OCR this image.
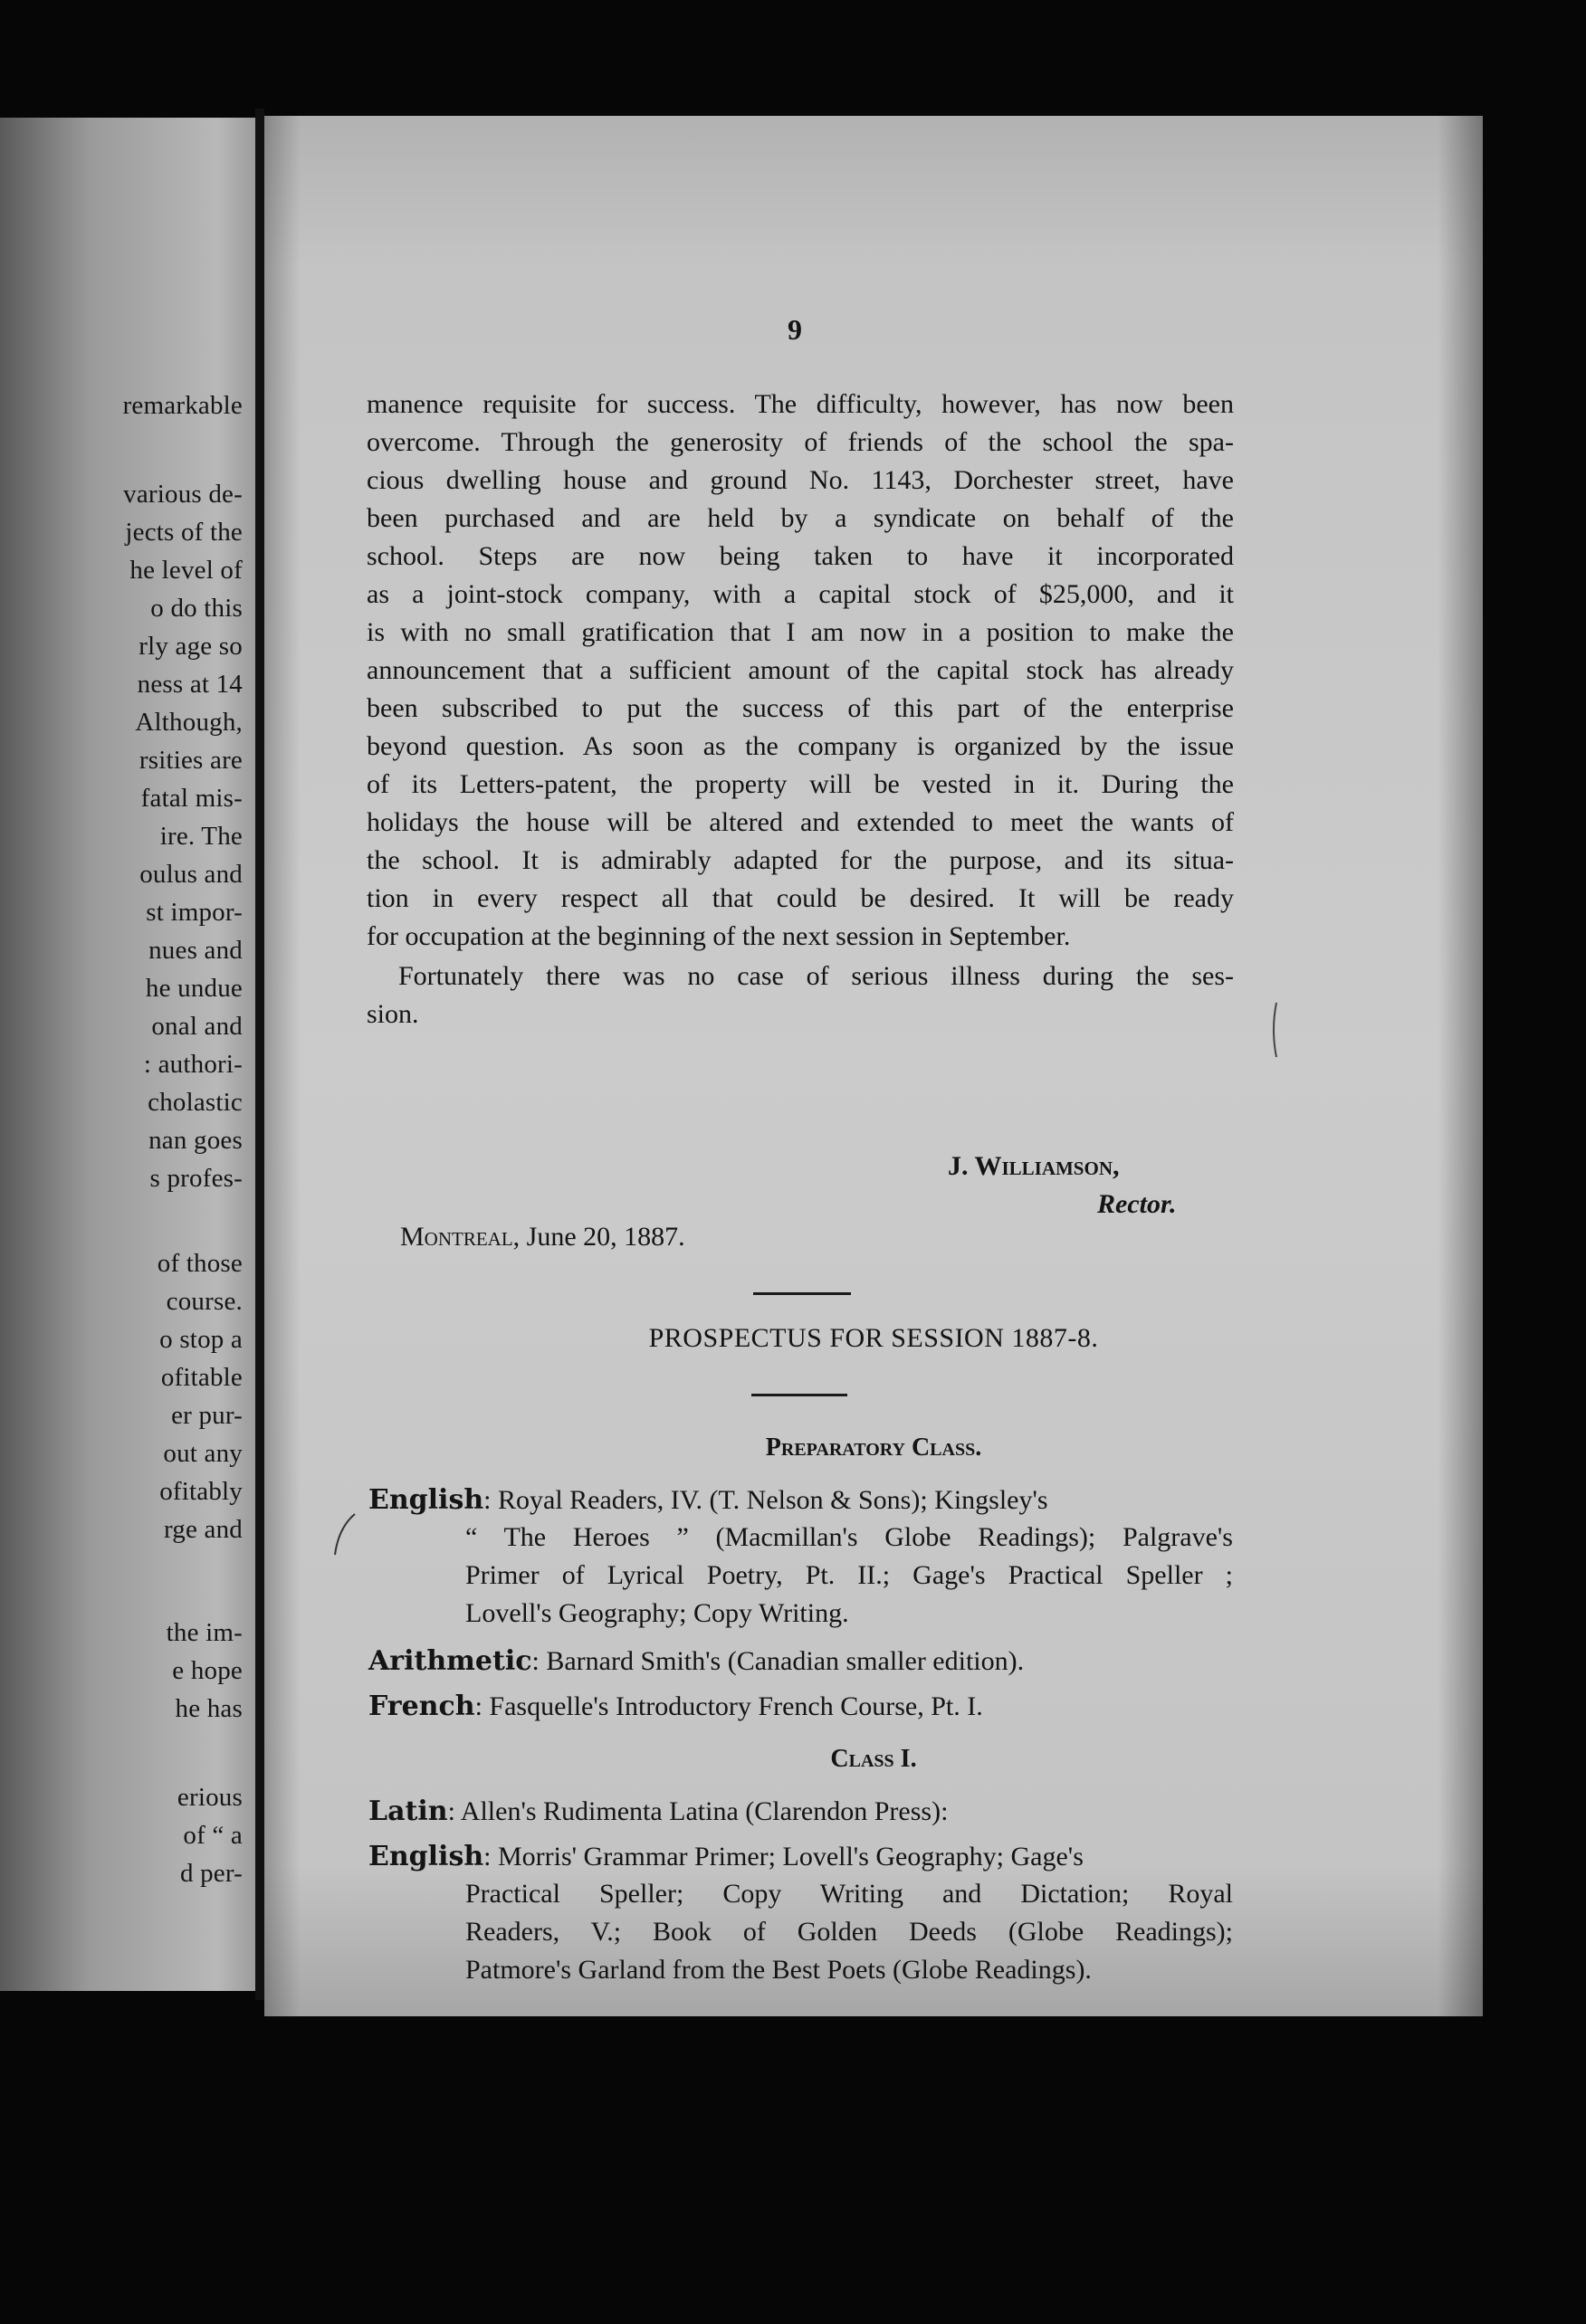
remarkable
various de-
jects of the
he level of
o do this
rly age so
ness at 14
Although,
rsities are
fatal mis-
ire. The
oulus and
st impor-
nues and
he undue
onal and
: authori-
cholastic
nan goes
s profes-
of those
course.
o stop a
ofitable
er pur-
out any
ofitably
rge and
the im-
e hope
he has
erious
of “ a
d per-
9
manence requisite for success. The difficulty, however, has now been
overcome. Through the generosity of friends of the school the spa-
cious dwelling house and ground No. 1143, Dorchester street, have
been purchased and are held by a syndicate on behalf of the
school. Steps are now being taken to have it incorporated
as a joint-stock company, with a capital stock of $25,000, and it
is with no small gratification that I am now in a position to make the
announcement that a sufficient amount of the capital stock has already
been subscribed to put the success of this part of the enterprise
beyond question. As soon as the company is organized by the issue
of its Letters-patent, the property will be vested in it. During the
holidays the house will be altered and extended to meet the wants of
the school. It is admirably adapted for the purpose, and its situa-
tion in every respect all that could be desired. It will be ready
for occupation at the beginning of the next session in September.
Fortunately there was no case of serious illness during the ses-
sion.
J. Williamson,
Rector.
Montreal, June 20, 1887.
PROSPECTUS FOR SESSION 1887-8.
Preparatory Class.
English: Royal Readers, IV. (T. Nelson & Sons); Kingsley's
“ The Heroes ” (Macmillan's Globe Readings); Palgrave's
Primer of Lyrical Poetry, Pt. II.; Gage's Practical Speller ;
Lovell's Geography; Copy Writing.
Arithmetic: Barnard Smith's (Canadian smaller edition).
French: Fasquelle's Introductory French Course, Pt. I.
Class I.
Latin: Allen's Rudimenta Latina (Clarendon Press):
English: Morris' Grammar Primer; Lovell's Geography; Gage's
Practical Speller; Copy Writing and Dictation; Royal
Readers, V.; Book of Golden Deeds (Globe Readings);
Patmore's Garland from the Best Poets (Globe Readings).
